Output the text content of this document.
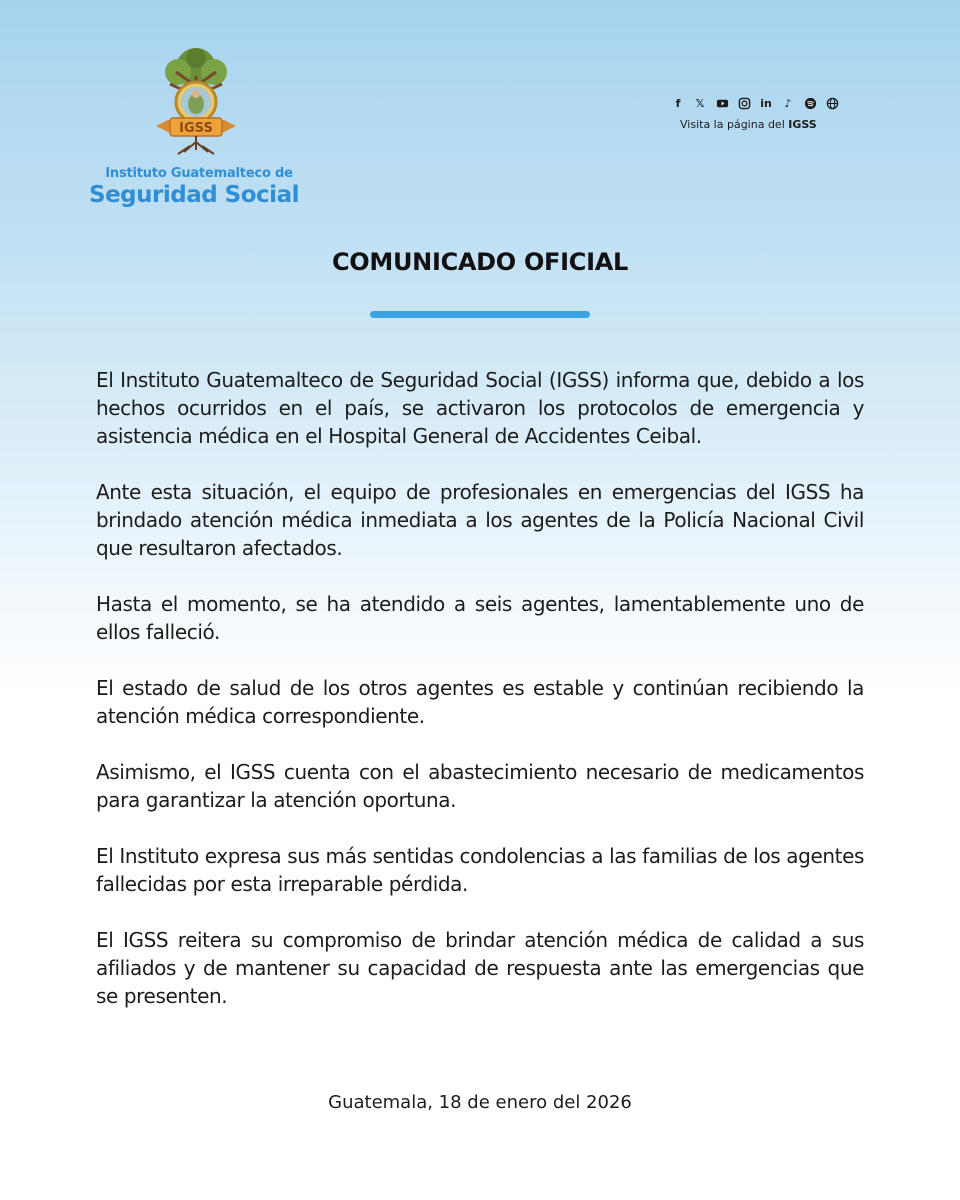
IGSS
Instituto Guatemalteco de
Seguridad Social
f	𝕏	in	♪
Visita la página del IGSS
COMUNICADO OFICIAL

El Instituto Guatemalteco de Seguridad Social (IGSS) informa que, debido a los hechos ocurridos en el país, se activaron los protocolos de emergencia y asistencia médica en el Hospital General de Accidentes Ceibal.

Ante esta situación, el equipo de profesionales en emergencias del IGSS ha brindado atención médica inmediata a los agentes de la Policía Nacional Civil que resultaron afectados.

Hasta el momento, se ha atendido a seis agentes, lamentablemente uno de ellos falleció.

El estado de salud de los otros agentes es estable y continúan recibiendo la atención médica correspondiente.

Asimismo, el IGSS cuenta con el abastecimiento necesario de medicamentos para garantizar la atención oportuna.

El Instituto expresa sus más sentidas condolencias a las familias de los agentes fallecidas por esta irreparable pérdida.

El IGSS reitera su compromiso de brindar atención médica de calidad a sus afiliados y de mantener su capacidad de respuesta ante las emergencias que se presenten.

Guatemala, 18 de enero del 2026
